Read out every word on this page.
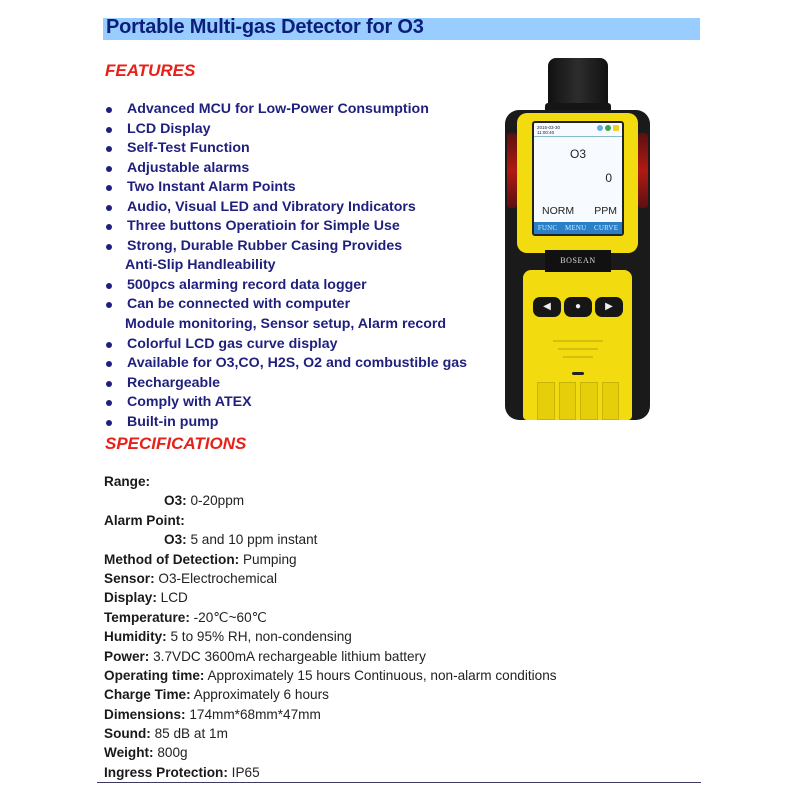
Portable Multi-gas Detector for O3
FEATURES
Advanced MCU for Low-Power Consumption
LCD Display
Self-Test Function
Adjustable alarms
Two Instant Alarm Points
Audio, Visual LED and Vibratory Indicators
Three buttons Operatioin for Simple Use
Strong, Durable Rubber Casing Provides
Anti-Slip Handleability
500pcs alarming record data logger
Can be connected with computer
Module monitoring, Sensor setup, Alarm record
Colorful LCD gas curve display
Available for O3,CO, H2S, O2 and combustible gas
Rechargeable
Comply with ATEX
Built-in pump
SPECIFICATIONS
Range:
O3: 0-20ppm
Alarm Point:
O3: 5 and 10 ppm instant
Method of Detection: Pumping
Sensor: O3-Electrochemical
Display: LCD
Temperature: -20℃~60℃
Humidity: 5 to 95% RH, non-condensing
Power: 3.7VDC 3600mA rechargeable lithium battery
Operating time: Approximately 15 hours Continuous, non-alarm conditions
Charge Time: Approximately 6 hours
Dimensions: 174mm*68mm*47mm
Sound: 85 dB at 1m
Weight: 800g
Ingress Protection: IP65
2015-03-30
11:00:40
O3
0
NORM PPM
FUNC MENU CURVE
BOSEAN
◀	●	▶
